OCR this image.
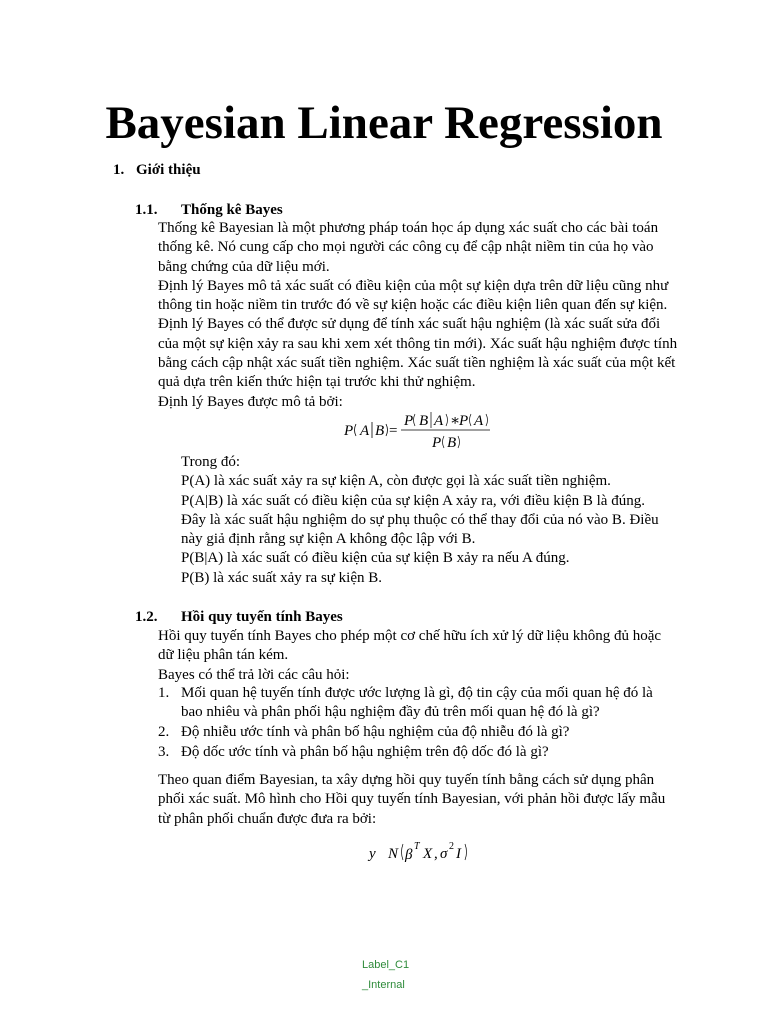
Bayesian Linear Regression
1. Giới thiệu
1.1. Thống kê Bayes

Thống kê Bayesian là một phương pháp toán học áp dụng xác suất cho các bài toán thống kê. Nó cung cấp cho mọi người các công cụ để cập nhật niềm tin của họ vào bằng chứng của dữ liệu mới.

Định lý Bayes mô tả xác suất có điều kiện của một sự kiện dựa trên dữ liệu cũng như thông tin hoặc niềm tin trước đó về sự kiện hoặc các điều kiện liên quan đến sự kiện. Định lý Bayes có thể được sử dụng để tính xác suất hậu nghiệm (là xác suất sửa đổi của một sự kiện xảy ra sau khi xem xét thông tin mới). Xác suất hậu nghiệm được tính bằng cách cập nhật xác suất tiền nghiệm. Xác suất tiền nghiệm là xác suất của một kết quả dựa trên kiến thức hiện tại trước khi thử nghiệm.

Định lý Bayes được mô tả bởi:

P A B =
P B A ∗
P A
P B

Trong đó:

P(A) là xác suất xảy ra sự kiện A, còn được gọi là xác suất tiền nghiệm.

P(A|B) là xác suất có điều kiện của sự kiện A xảy ra, với điều kiện B là đúng. Đây là xác suất hậu nghiệm do sự phụ thuộc có thể thay đổi của nó vào B. Điều này giả định rằng sự kiện A không độc lập với B.

P(B|A) là xác suất có điều kiện của sự kiện B xảy ra nếu A đúng.

P(B) là xác suất xảy ra sự kiện B.

1.2. Hồi quy tuyến tính Bayes

Hồi quy tuyến tính Bayes cho phép một cơ chế hữu ích xử lý dữ liệu không đủ hoặc dữ liệu phân tán kém.

Bayes có thể trả lời các câu hỏi:

1. Mối quan hệ tuyến tính được ước lượng là gì, độ tin cậy của mối quan hệ đó là bao nhiêu và phân phối hậu nghiệm đầy đủ trên mối quan hệ đó là gì?
2. Độ nhiễu ước tính và phân bố hậu nghiệm của độ nhiễu đó là gì?
3. Độ dốc ước tính và phân bố hậu nghiệm trên độ dốc đó là gì?

Theo quan điểm Bayesian, ta xây dựng hồi quy tuyến tính bằng cách sử dụng phân phối xác suất. Mô hình cho Hồi quy tuyến tính Bayesian, với phản hồi được lấy mẫu từ phân phối chuẩn được đưa ra bởi:

y N β
T X , σ 2 I
Label_C1_Internal
